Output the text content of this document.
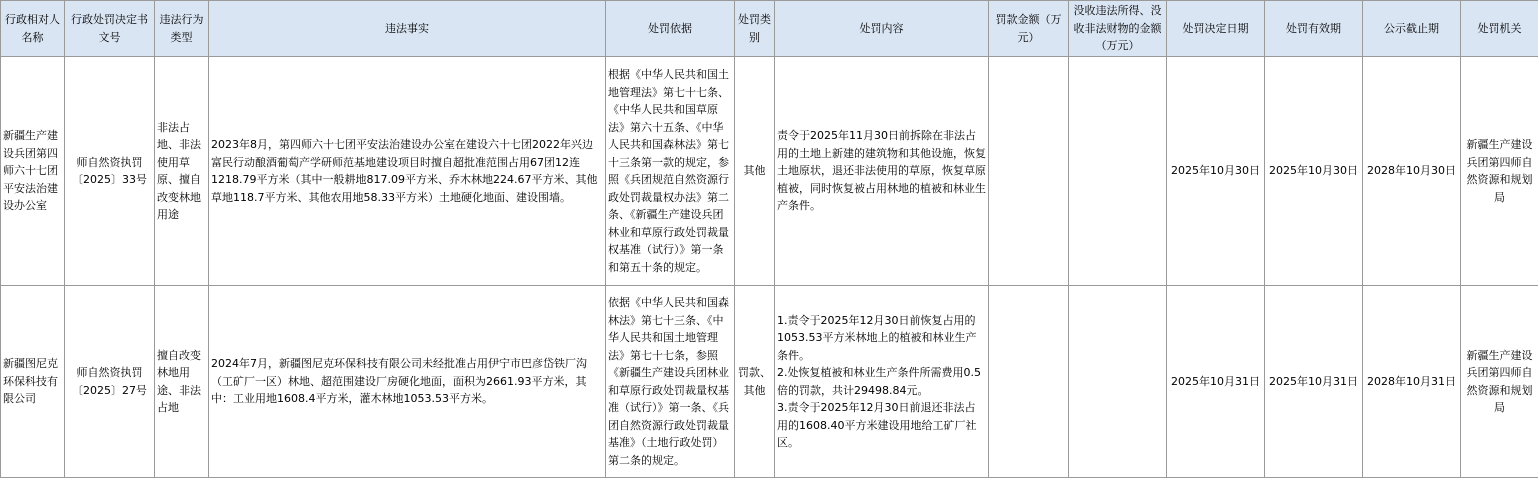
行政相对人名称	行政处罚决定书文号	违法行为类型	违法事实	处罚依据	处罚类别	处罚内容	罚款金额（万元）	没收违法所得、没收非法财物的金额（万元）	处罚决定日期	处罚有效期	公示截止期	处罚机关
新疆生产建设兵团第四师六十七团平安法治建设办公室	师自然资执罚〔2025〕33号	非法占地、非法使用草原、擅自改变林地用途	2023年8月，第四师六十七团平安法治建设办公室在建设六十七团2022年兴边富民行动酿酒葡萄产学研师范基地建设项目时擅自超批准范围占用67团12连1218.79平方米（其中一般耕地817.09平方米、乔木林地224.67平方米、其他草地118.7平方米、其他农用地58.33平方米）土地硬化地面、建设围墙。	根据《中华人民共和国土地管理法》第七十七条、《中华人民共和国草原法》第六十五条、《中华人民共和国森林法》第七十三条第一款的规定，参照《兵团规范自然资源行政处罚裁量权办法》第二条、《新疆生产建设兵团林业和草原行政处罚裁量权基准（试行）》第一条和第五十条的规定。	其他	责令于2025年11月30日前拆除在非法占用的土地上新建的建筑物和其他设施，恢复土地原状，退还非法使用的草原，恢复草原植被，同时恢复被占用林地的植被和林业生产条件。			2025年10月30日	2025年10月30日	2028年10月30日	新疆生产建设兵团第四师自然资源和规划局
新疆图尼克环保科技有限公司	师自然资执罚〔2025〕27号	擅自改变林地用途、非法占地	2024年7月，新疆图尼克环保科技有限公司未经批准占用伊宁市巴彦岱铁厂沟（工矿厂一区）林地、超范围建设厂房硬化地面，面积为2661.93平方米，其中：工业用地1608.4平方米，灌木林地1053.53平方米。	依据《中华人民共和国森林法》第七十三条、《中华人民共和国土地管理法》第七十七条，参照《新疆生产建设兵团林业和草原行政处罚裁量权基准（试行）》第一条、《兵团自然资源行政处罚裁量基准》（土地行政处罚）第二条的规定。	罚款、其他	1.责令于2025年12月30日前恢复占用的1053.53平方米林地上的植被和林业生产条件。
2.处恢复植被和林业生产条件所需费用0.5倍的罚款，共计29498.84元。
3.责令于2025年12月30日前退还非法占用的1608.40平方米建设用地给工矿厂社区。			2025年10月31日	2025年10月31日	2028年10月31日	新疆生产建设兵团第四师自然资源和规划局
